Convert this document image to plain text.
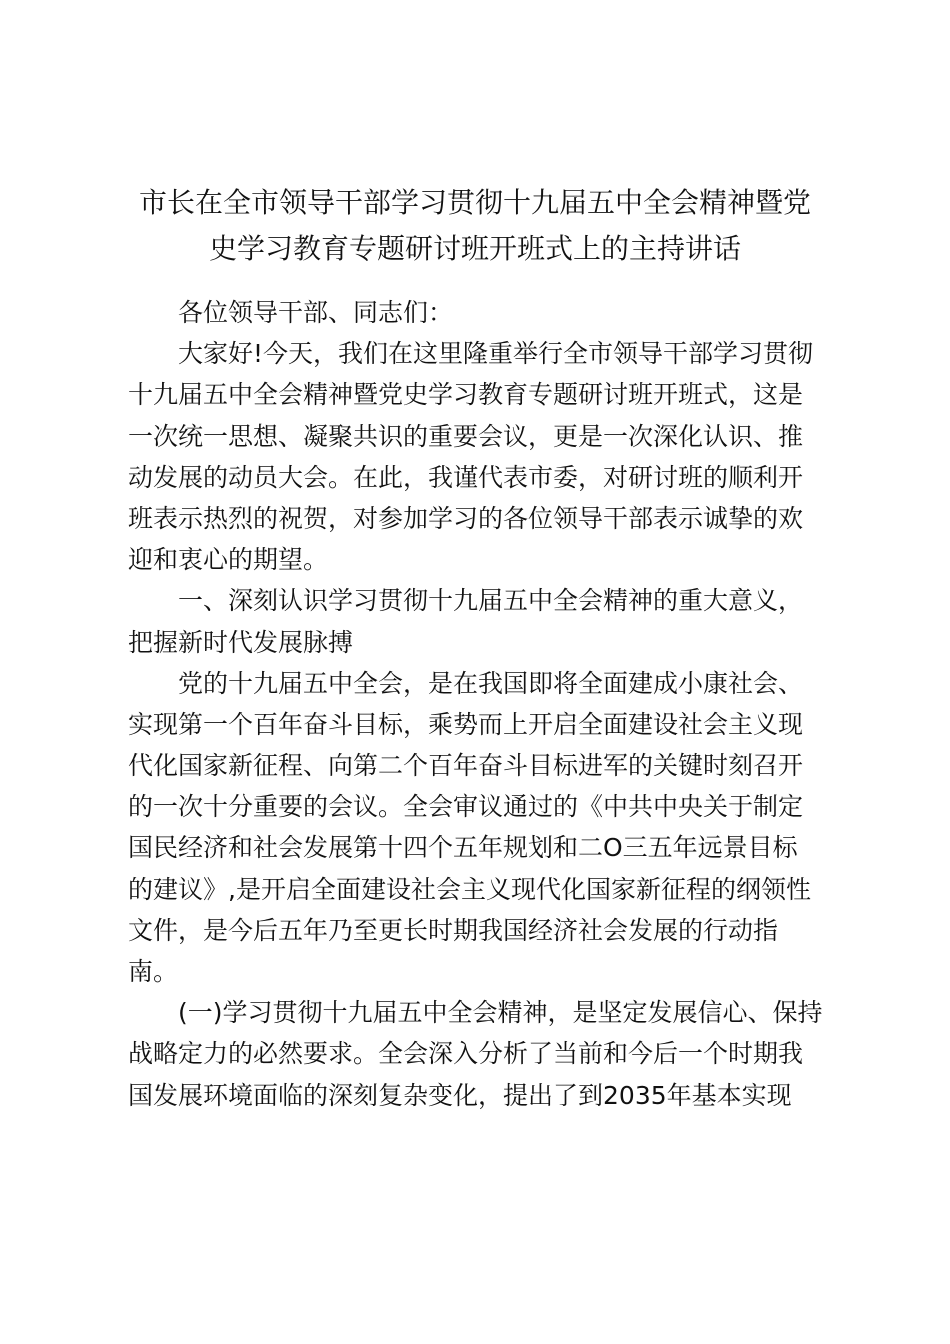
市长在全市领导干部学习贯彻十九届五中全会精神暨党
史学习教育专题研讨班开班式上的主持讲话
各位领导干部、同志们：
大家好!今天，我们在这里隆重举行全市领导干部学习贯彻
十九届五中全会精神暨党史学习教育专题研讨班开班式，这是
一次统一思想、凝聚共识的重要会议，更是一次深化认识、推
动发展的动员大会。在此，我谨代表市委，对研讨班的顺利开
班表示热烈的祝贺，对参加学习的各位领导干部表示诚挚的欢
迎和衷心的期望。
一、深刻认识学习贯彻十九届五中全会精神的重大意义，
把握新时代发展脉搏
党的十九届五中全会，是在我国即将全面建成小康社会、
实现第一个百年奋斗目标，乘势而上开启全面建设社会主义现
代化国家新征程、向第二个百年奋斗目标进军的关键时刻召开
的一次十分重要的会议。全会审议通过的《中共中央关于制定
国民经济和社会发展第十四个五年规划和二O三五年远景目标
的建议》,是开启全面建设社会主义现代化国家新征程的纲领性
文件，是今后五年乃至更长时期我国经济社会发展的行动指
南。
(一)学习贯彻十九届五中全会精神，是坚定发展信心、保持
战略定力的必然要求。全会深入分析了当前和今后一个时期我
国发展环境面临的深刻复杂变化，提出了到2035年基本实现
